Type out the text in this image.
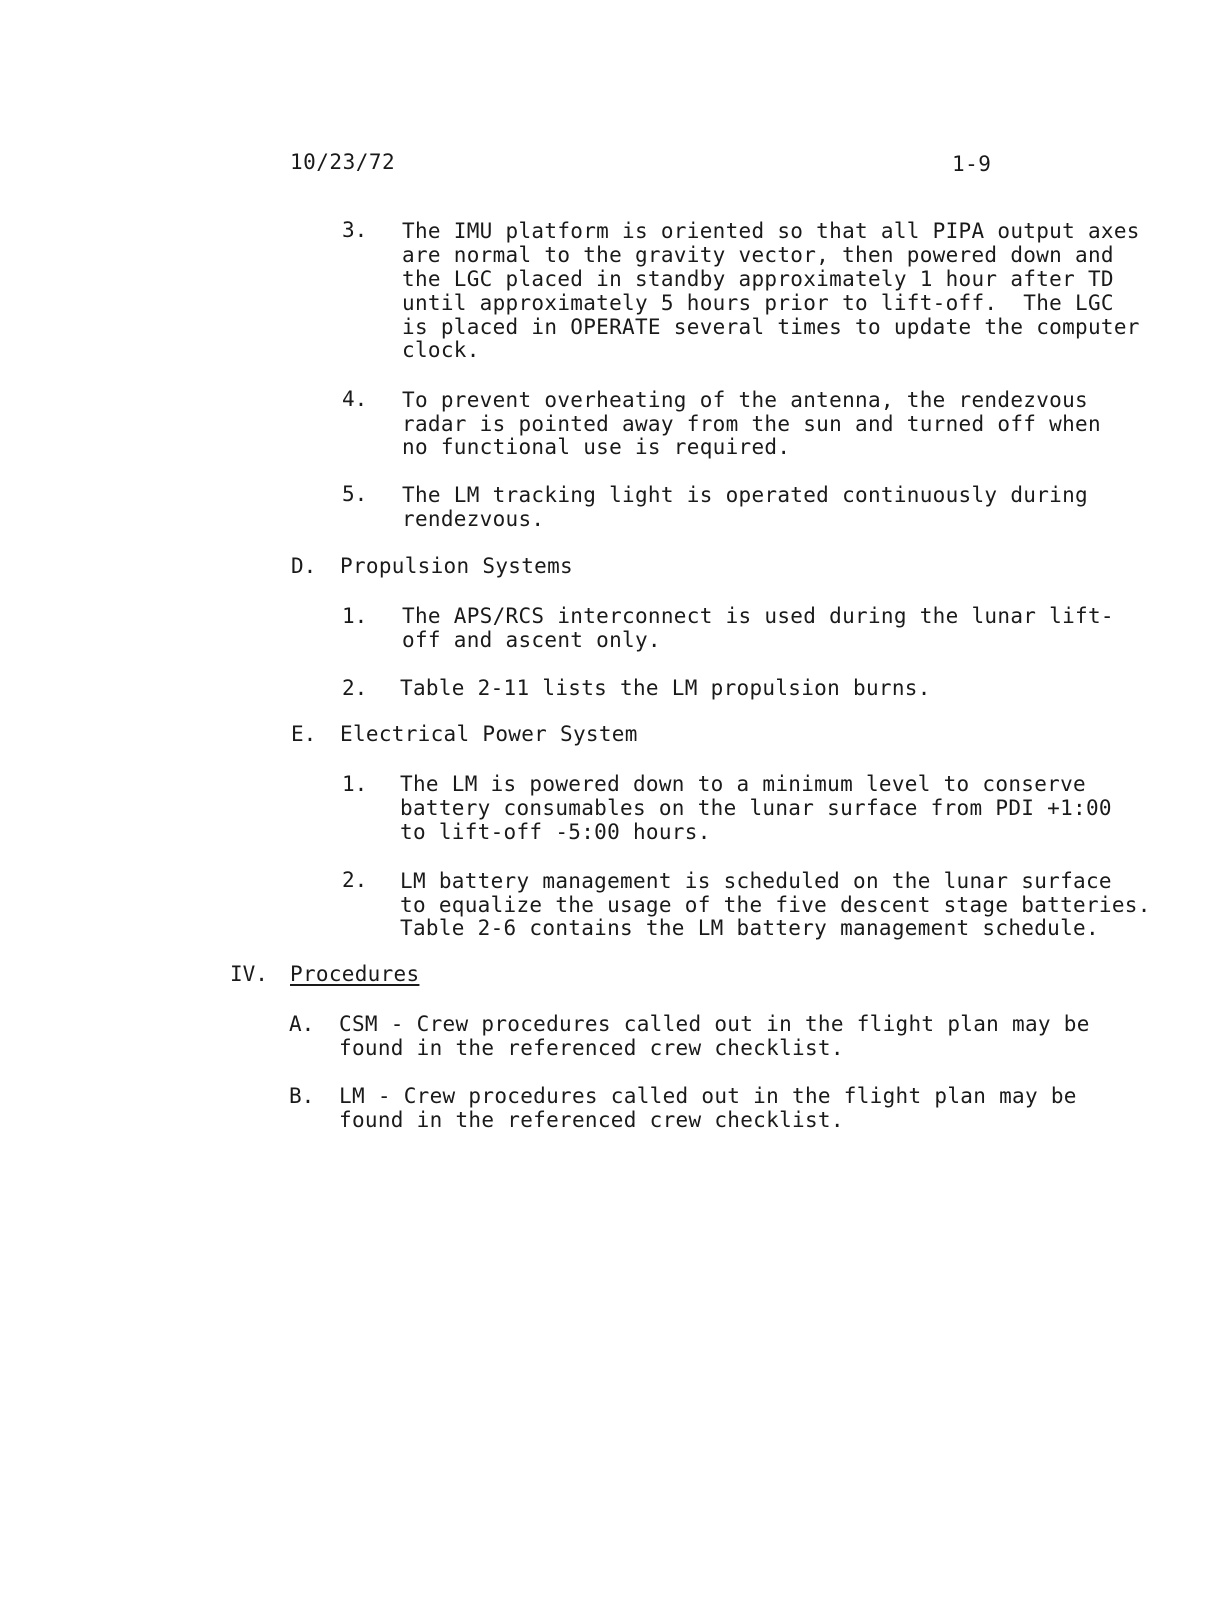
10/23/72	1-9
3. The IMU platform is oriented so that all PIPA output axes
are normal to the gravity vector, then powered down and
the LGC placed in standby approximately 1 hour after TD
until approximately 5 hours prior to lift-off.  The LGC
is placed in OPERATE several times to update the computer
clock.
4. To prevent overheating of the antenna, the rendezvous
radar is pointed away from the sun and turned off when
no functional use is required.
5. The LM tracking light is operated continuously during
rendezvous.
D. Propulsion Systems
1. The APS/RCS interconnect is used during the lunar lift-
off and ascent only.
2. Table 2-11 lists the LM propulsion burns.
E. Electrical Power System
1. The LM is powered down to a minimum level to conserve
battery consumables on the lunar surface from PDI +1:00
to lift-off -5:00 hours.
2. LM battery management is scheduled on the lunar surface
to equalize the usage of the five descent stage batteries.
Table 2-6 contains the LM battery management schedule.
IV. Procedures
A. CSM - Crew procedures called out in the flight plan may be
found in the referenced crew checklist.
B. LM - Crew procedures called out in the flight plan may be
found in the referenced crew checklist.
